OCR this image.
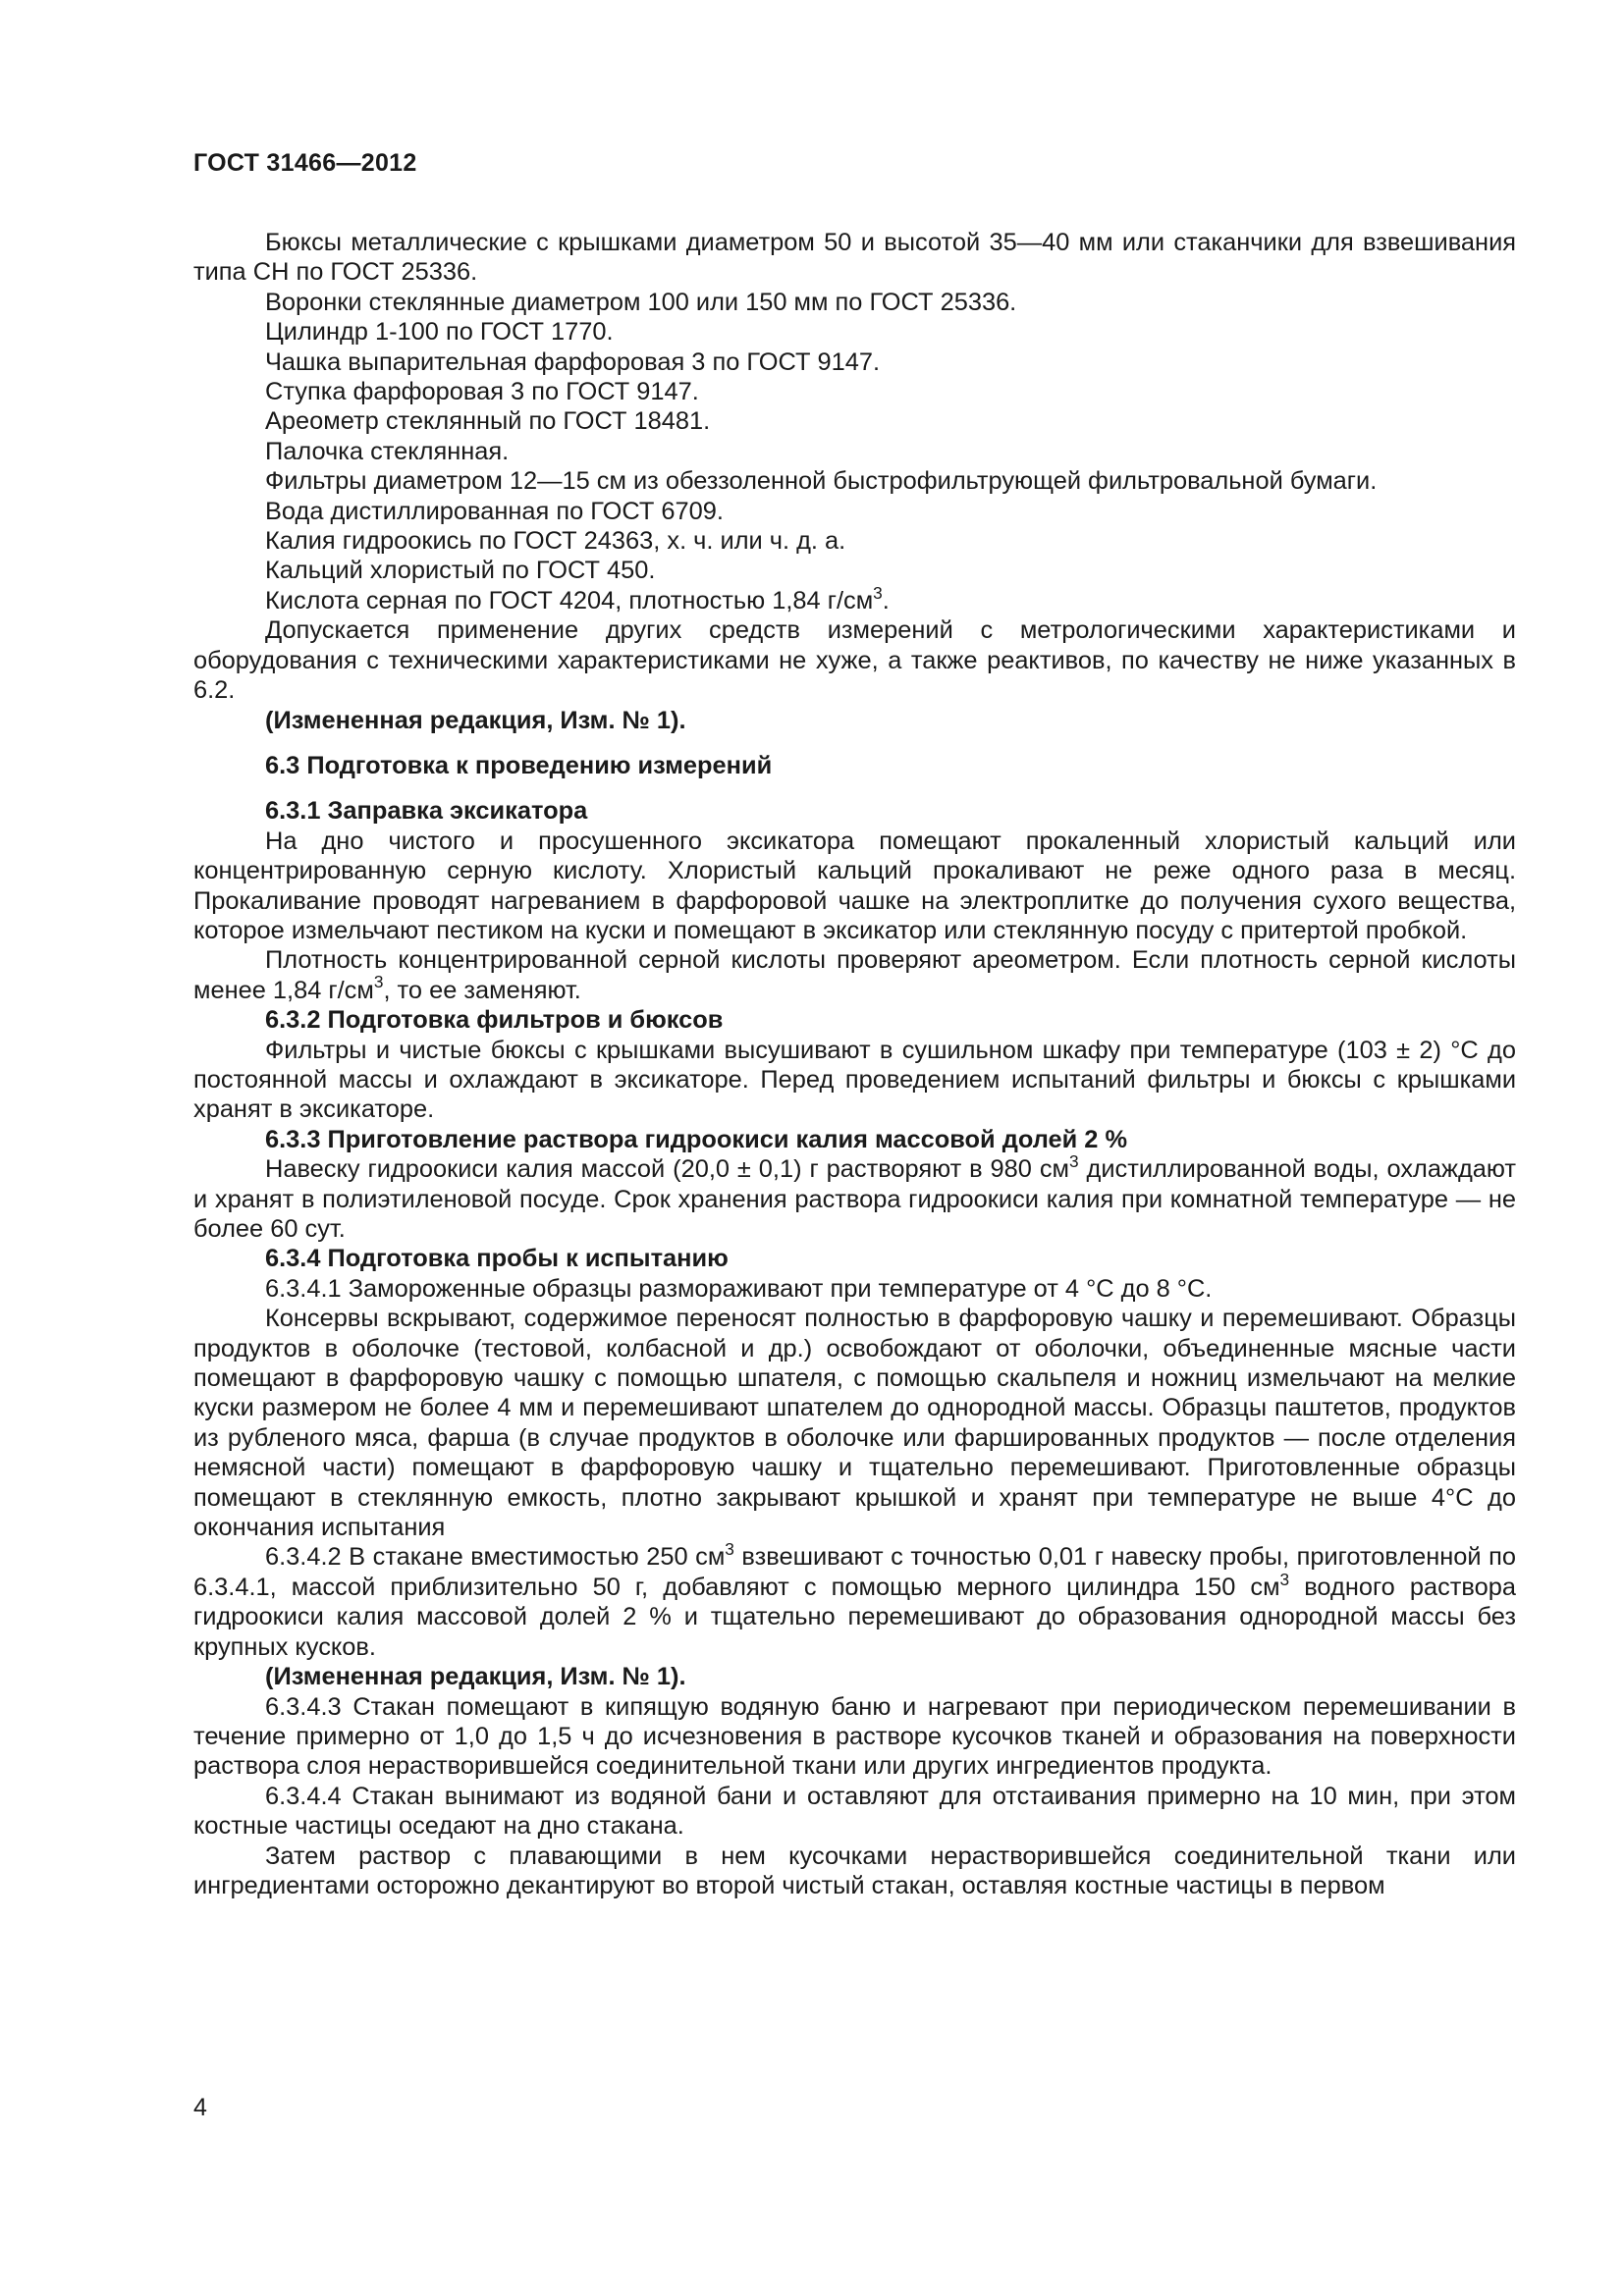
ГОСТ 31466—2012

Бюксы металлические с крышками диаметром 50 и высотой 35—40 мм или стаканчики для взвешивания типа СН по ГОСТ 25336.

Воронки стеклянные диаметром 100 или 150 мм по ГОСТ 25336.

Цилиндр 1-100 по ГОСТ 1770.

Чашка выпарительная фарфоровая 3 по ГОСТ 9147.

Ступка фарфоровая 3 по ГОСТ 9147.

Ареометр стеклянный по ГОСТ 18481.

Палочка стеклянная.

Фильтры диаметром 12—15 см из обеззоленной быстрофильтрующей фильтровальной бумаги.

Вода дистиллированная по ГОСТ 6709.

Калия гидроокись по ГОСТ 24363, х. ч. или ч. д. а.

Кальций хлористый по ГОСТ 450.

Кислота серная по ГОСТ 4204, плотностью 1,84 $г/см^3$.

Допускается применение других средств измерений с метрологическими характеристиками и оборудования с техническими характеристиками не хуже, а также реактивов, по качеству не ниже указанных в 6.2.

(Измененная редакция, Изм. № 1).

6.3 Подготовка к проведению измерений

6.3.1 Заправка эксикатора

На дно чистого и просушенного эксикатора помещают прокаленный хлористый кальций или концентрированную серную кислоту. Хлористый кальций прокаливают не реже одного раза в месяц. Прокаливание проводят нагреванием в фарфоровой чашке на электроплитке до получения сухого вещества, которое измельчают пестиком на куски и помещают в эксикатор или стеклянную посуду с притертой пробкой.

Плотность концентрированной серной кислоты проверяют ареометром. Если плотность серной кислоты менее 1,84 $г/см^3$, то ее заменяют.

6.3.2 Подготовка фильтров и бюксов

Фильтры и чистые бюксы с крышками высушивают в сушильном шкафу при температуре (103 ± 2) °С до постоянной массы и охлаждают в эксикаторе. Перед проведением испытаний фильтры и бюксы с крышками хранят в эксикаторе.

6.3.3 Приготовление раствора гидроокиси калия массовой долей 2 %

Навеску гидроокиси калия массой (20,0 ± 0,1) г растворяют в 980 $см^3$ дистиллированной воды, охлаждают и хранят в полиэтиленовой посуде. Срок хранения раствора гидроокиси калия при комнатной температуре — не более 60 сут.

6.3.4 Подготовка пробы к испытанию

6.3.4.1 Замороженные образцы размораживают при температуре от 4 °С до 8 °С.

Консервы вскрывают, содержимое переносят полностью в фарфоровую чашку и перемешивают. Образцы продуктов в оболочке (тестовой, колбасной и др.) освобождают от оболочки, объединенные мясные части помещают в фарфоровую чашку с помощью шпателя, с помощью скальпеля и ножниц измельчают на мелкие куски размером не более 4 мм и перемешивают шпателем до однородной массы. Образцы паштетов, продуктов из рубленого мяса, фарша (в случае продуктов в оболочке или фаршированных продуктов — после отделения немясной части) помещают в фарфоровую чашку и тщательно перемешивают. Приготовленные образцы помещают в стеклянную емкость, плотно закрывают крышкой и хранят при температуре не выше 4°С до окончания испытания

6.3.4.2 В стакане вместимостью 250 $см^3$ взвешивают с точностью 0,01 г навеску пробы, приготовленной по 6.3.4.1, массой приблизительно 50 г, добавляют с помощью мерного цилиндра 150 $см^3$ водного раствора гидроокиси калия массовой долей 2 % и тщательно перемешивают до образования однородной массы без крупных кусков.

(Измененная редакция, Изм. № 1).

6.3.4.3 Стакан помещают в кипящую водяную баню и нагревают при периодическом перемешивании в течение примерно от 1,0 до 1,5 ч до исчезновения в растворе кусочков тканей и образования на поверхности раствора слоя нерастворившейся соединительной ткани или других ингредиентов продукта.

6.3.4.4 Стакан вынимают из водяной бани и оставляют для отстаивания примерно на 10 мин, при этом костные частицы оседают на дно стакана.

Затем раствор с плавающими в нем кусочками нерастворившейся соединительной ткани или ингредиентами осторожно декантируют во второй чистый стакан, оставляя костные частицы в первом

4
